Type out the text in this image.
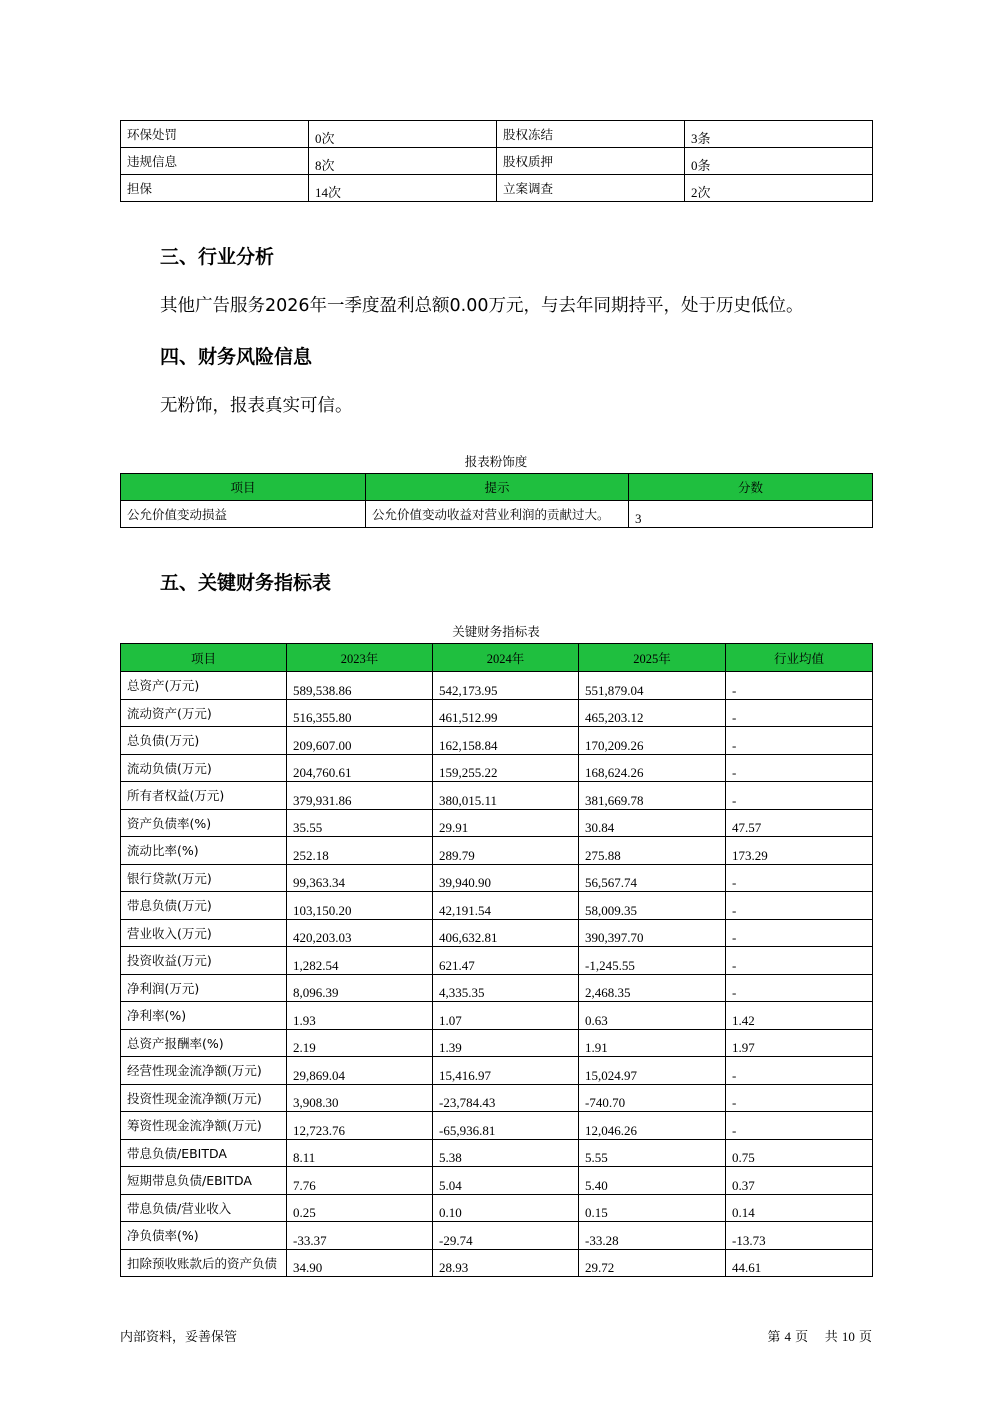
环保处罚	0次	股权冻结	3条
违规信息	8次	股权质押	0条
担保	14次	立案调查	2次
三、行业分析
其他广告服务2026年一季度盈利总额0.00万元，与去年同期持平，处于历史低位。
四、财务风险信息
无粉饰，报表真实可信。
报表粉饰度
项目	提示	分数
公允价值变动损益	公允价值变动收益对营业利润的贡献过大。	3
五、关键财务指标表
关键财务指标表
项目	2023年	2024年	2025年	行业均值
总资产(万元)	589,538.86	542,173.95	551,879.04	-
流动资产(万元)	516,355.80	461,512.99	465,203.12	-
总负债(万元)	209,607.00	162,158.84	170,209.26	-
流动负债(万元)	204,760.61	159,255.22	168,624.26	-
所有者权益(万元)	379,931.86	380,015.11	381,669.78	-
资产负债率(%)	35.55	29.91	30.84	47.57
流动比率(%)	252.18	289.79	275.88	173.29
银行贷款(万元)	99,363.34	39,940.90	56,567.74	-
带息负债(万元)	103,150.20	42,191.54	58,009.35	-
营业收入(万元)	420,203.03	406,632.81	390,397.70	-
投资收益(万元)	1,282.54	621.47	-1,245.55	-
净利润(万元)	8,096.39	4,335.35	2,468.35	-
净利率(%)	1.93	1.07	0.63	1.42
总资产报酬率(%)	2.19	1.39	1.91	1.97
经营性现金流净额(万元)	29,869.04	15,416.97	15,024.97	-
投资性现金流净额(万元)	3,908.30	-23,784.43	-740.70	-
筹资性现金流净额(万元)	12,723.76	-65,936.81	12,046.26	-
带息负债/EBITDA	8.11	5.38	5.55	0.75
短期带息负债/EBITDA	7.76	5.04	5.40	0.37
带息负债/营业收入	0.25	0.10	0.15	0.14
净负债率(%)	-33.37	-29.74	-33.28	-13.73
扣除预收账款后的资产负债	34.90	28.93	29.72	44.61
内部资料，妥善保管	第 4 页 共 10 页
